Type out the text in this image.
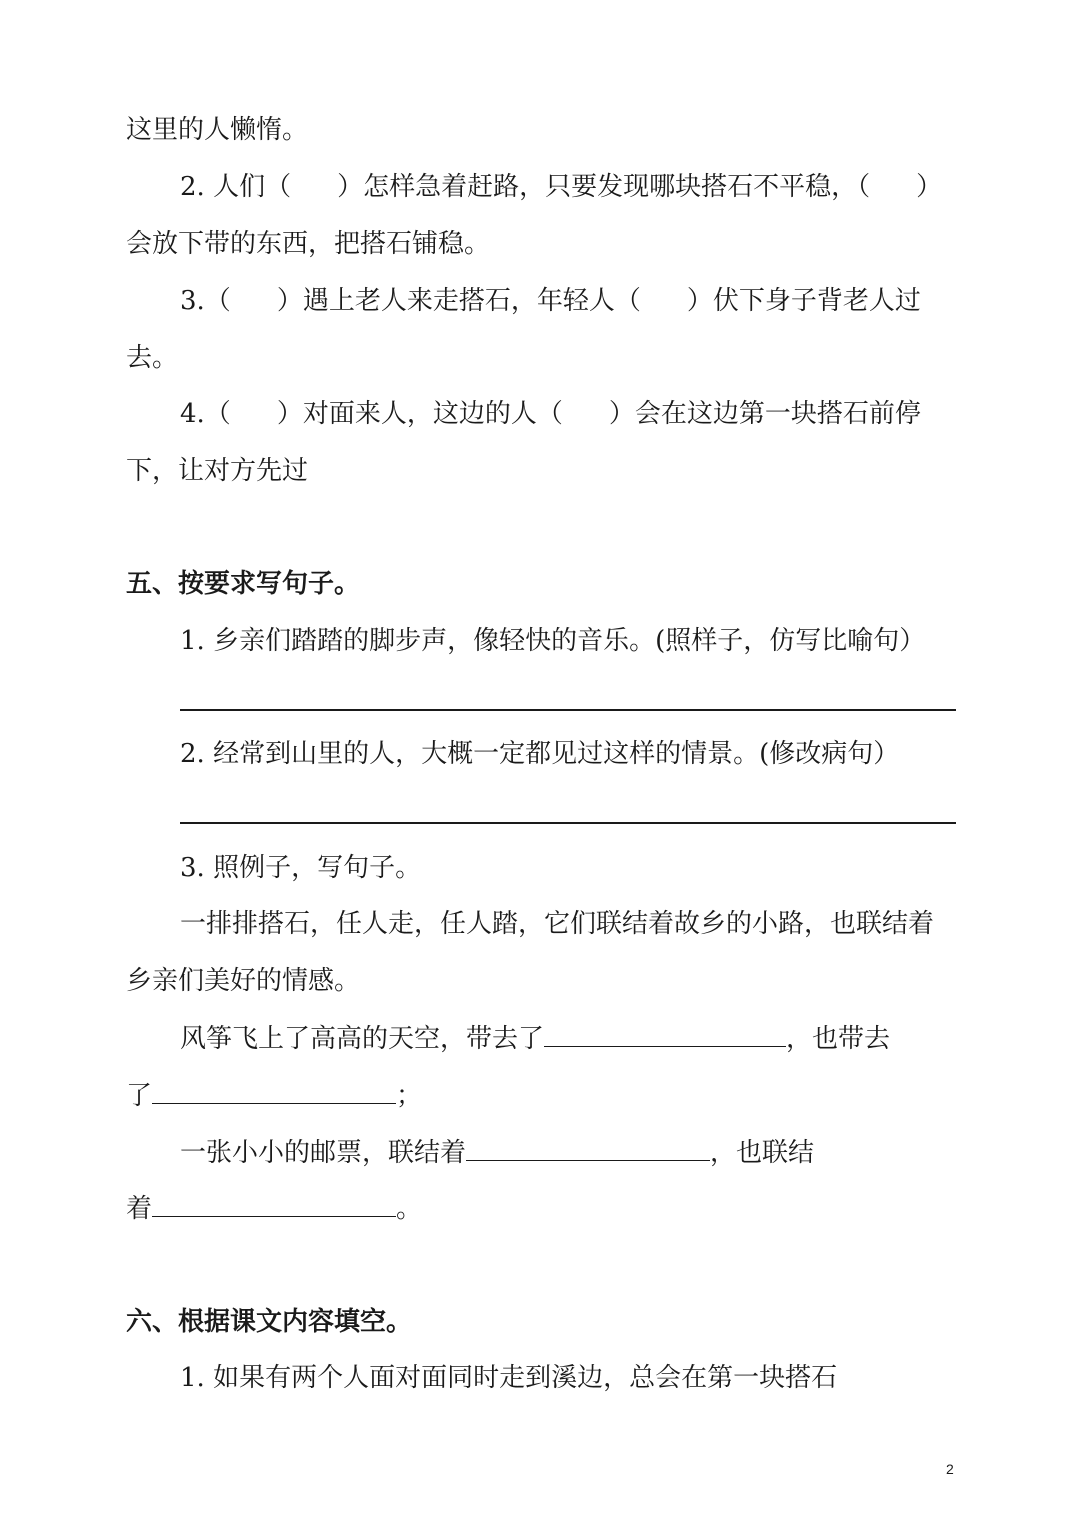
这里的人懒惰。
2. 人们（ ）怎样急着赶路，只要发现哪块搭石不平稳，（ ）
会放下带的东西，把搭石铺稳。
3.（ ）遇上老人来走搭石，年轻人（ ）伏下身子背老人过
去。
4.（ ）对面来人，这边的人（ ）会在这边第一块搭石前停
下，让对方先过
五、按要求写句子。
1. 乡亲们踏踏的脚步声，像轻快的音乐。(照样子，仿写比喻句）
2. 经常到山里的人，大概一定都见过这样的情景。(修改病句）
3. 照例子，写句子。
一排排搭石，任人走，任人踏，它们联结着故乡的小路，也联结着
乡亲们美好的情感。
风筝飞上了高高的天空，带去了	，也带去
了	；
一张小小的邮票，联结着	，也联结
着	。
六、根据课文内容填空。
1. 如果有两个人面对面同时走到溪边，总会在第一块搭石
2
